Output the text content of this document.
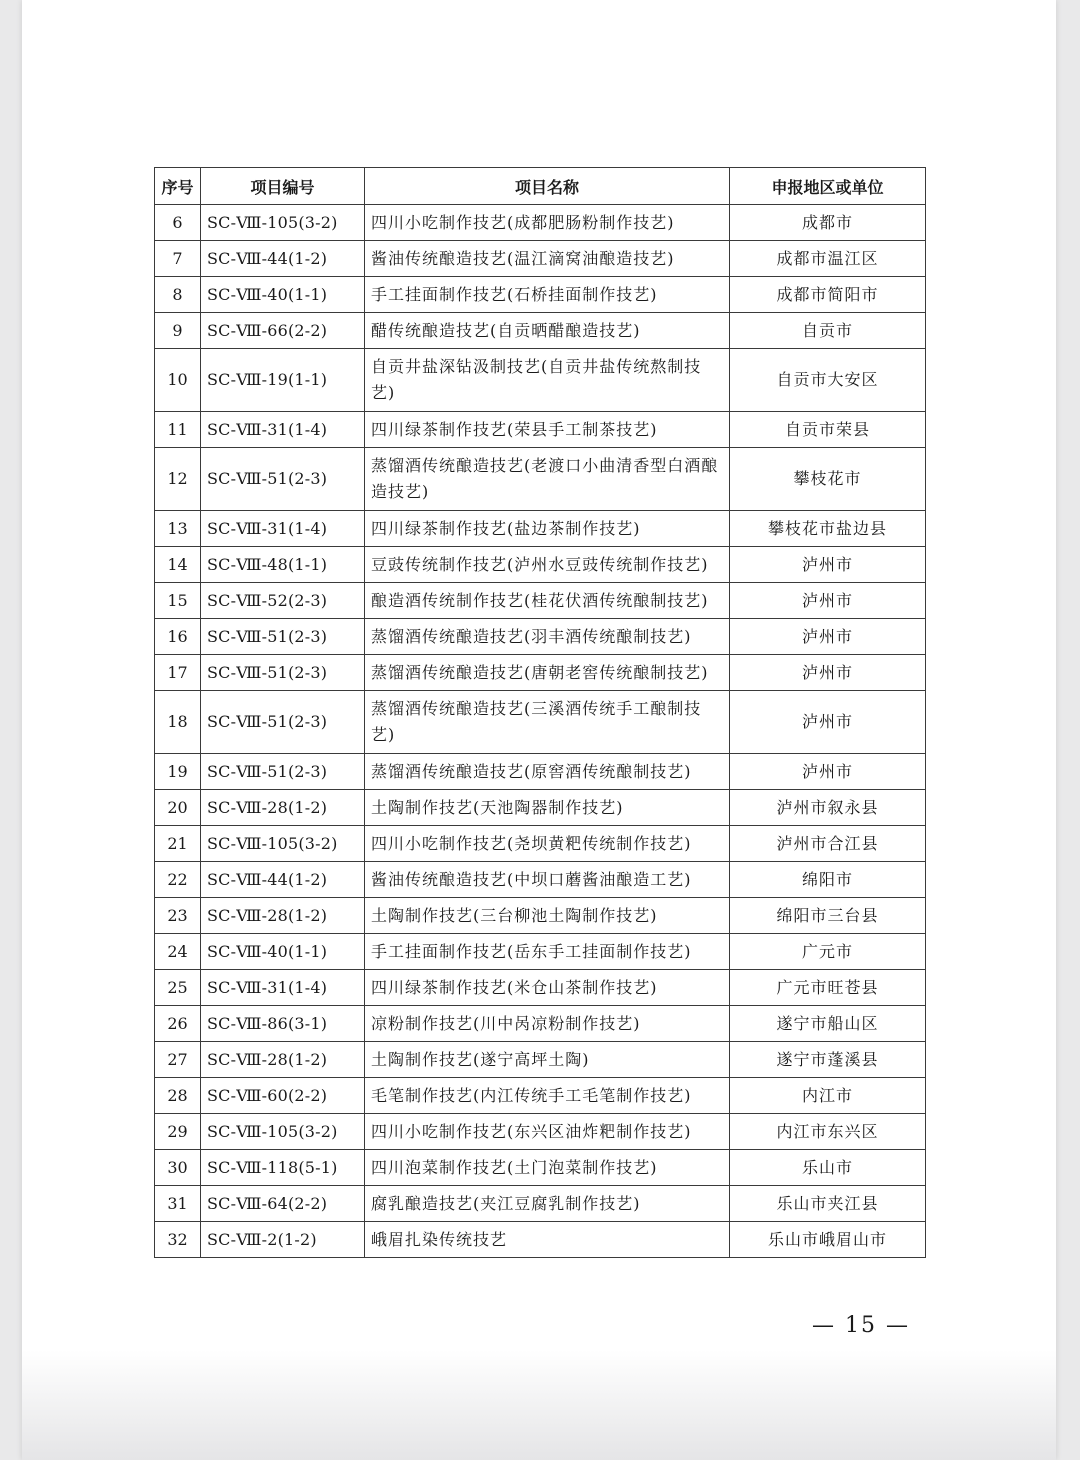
序号	项目编号	项目名称	申报地区或单位
6	SC-Ⅷ-105(3-2)	四川小吃制作技艺(成都肥肠粉制作技艺)	成都市
7	SC-Ⅷ-44(1-2)	酱油传统酿造技艺(温江滴窝油酿造技艺)	成都市温江区
8	SC-Ⅷ-40(1-1)	手工挂面制作技艺(石桥挂面制作技艺)	成都市简阳市
9	SC-Ⅷ-66(2-2)	醋传统酿造技艺(自贡晒醋酿造技艺)	自贡市
10	SC-Ⅷ-19(1-1)	自贡井盐深钻汲制技艺(自贡井盐传统熬制技艺)	自贡市大安区
11	SC-Ⅷ-31(1-4)	四川绿茶制作技艺(荣县手工制茶技艺)	自贡市荣县
12	SC-Ⅷ-51(2-3)	蒸馏酒传统酿造技艺(老渡口小曲清香型白酒酿造技艺)	攀枝花市
13	SC-Ⅷ-31(1-4)	四川绿茶制作技艺(盐边茶制作技艺)	攀枝花市盐边县
14	SC-Ⅷ-48(1-1)	豆豉传统制作技艺(泸州水豆豉传统制作技艺)	泸州市
15	SC-Ⅷ-52(2-3)	酿造酒传统制作技艺(桂花伏酒传统酿制技艺)	泸州市
16	SC-Ⅷ-51(2-3)	蒸馏酒传统酿造技艺(羽丰酒传统酿制技艺)	泸州市
17	SC-Ⅷ-51(2-3)	蒸馏酒传统酿造技艺(唐朝老窖传统酿制技艺)	泸州市
18	SC-Ⅷ-51(2-3)	蒸馏酒传统酿造技艺(三溪酒传统手工酿制技艺)	泸州市
19	SC-Ⅷ-51(2-3)	蒸馏酒传统酿造技艺(原窖酒传统酿制技艺)	泸州市
20	SC-Ⅷ-28(1-2)	土陶制作技艺(天池陶器制作技艺)	泸州市叙永县
21	SC-Ⅷ-105(3-2)	四川小吃制作技艺(尧坝黄粑传统制作技艺)	泸州市合江县
22	SC-Ⅷ-44(1-2)	酱油传统酿造技艺(中坝口蘑酱油酿造工艺)	绵阳市
23	SC-Ⅷ-28(1-2)	土陶制作技艺(三台柳池土陶制作技艺)	绵阳市三台县
24	SC-Ⅷ-40(1-1)	手工挂面制作技艺(岳东手工挂面制作技艺)	广元市
25	SC-Ⅷ-31(1-4)	四川绿茶制作技艺(米仓山茶制作技艺)	广元市旺苍县
26	SC-Ⅷ-86(3-1)	凉粉制作技艺(川中呙凉粉制作技艺)	遂宁市船山区
27	SC-Ⅷ-28(1-2)	土陶制作技艺(遂宁高坪土陶)	遂宁市蓬溪县
28	SC-Ⅷ-60(2-2)	毛笔制作技艺(内江传统手工毛笔制作技艺)	内江市
29	SC-Ⅷ-105(3-2)	四川小吃制作技艺(东兴区油炸粑制作技艺)	内江市东兴区
30	SC-Ⅷ-118(5-1)	四川泡菜制作技艺(土门泡菜制作技艺)	乐山市
31	SC-Ⅷ-64(2-2)	腐乳酿造技艺(夹江豆腐乳制作技艺)	乐山市夹江县
32	SC-Ⅷ-2(1-2)	峨眉扎染传统技艺	乐山市峨眉山市
— 15 —
